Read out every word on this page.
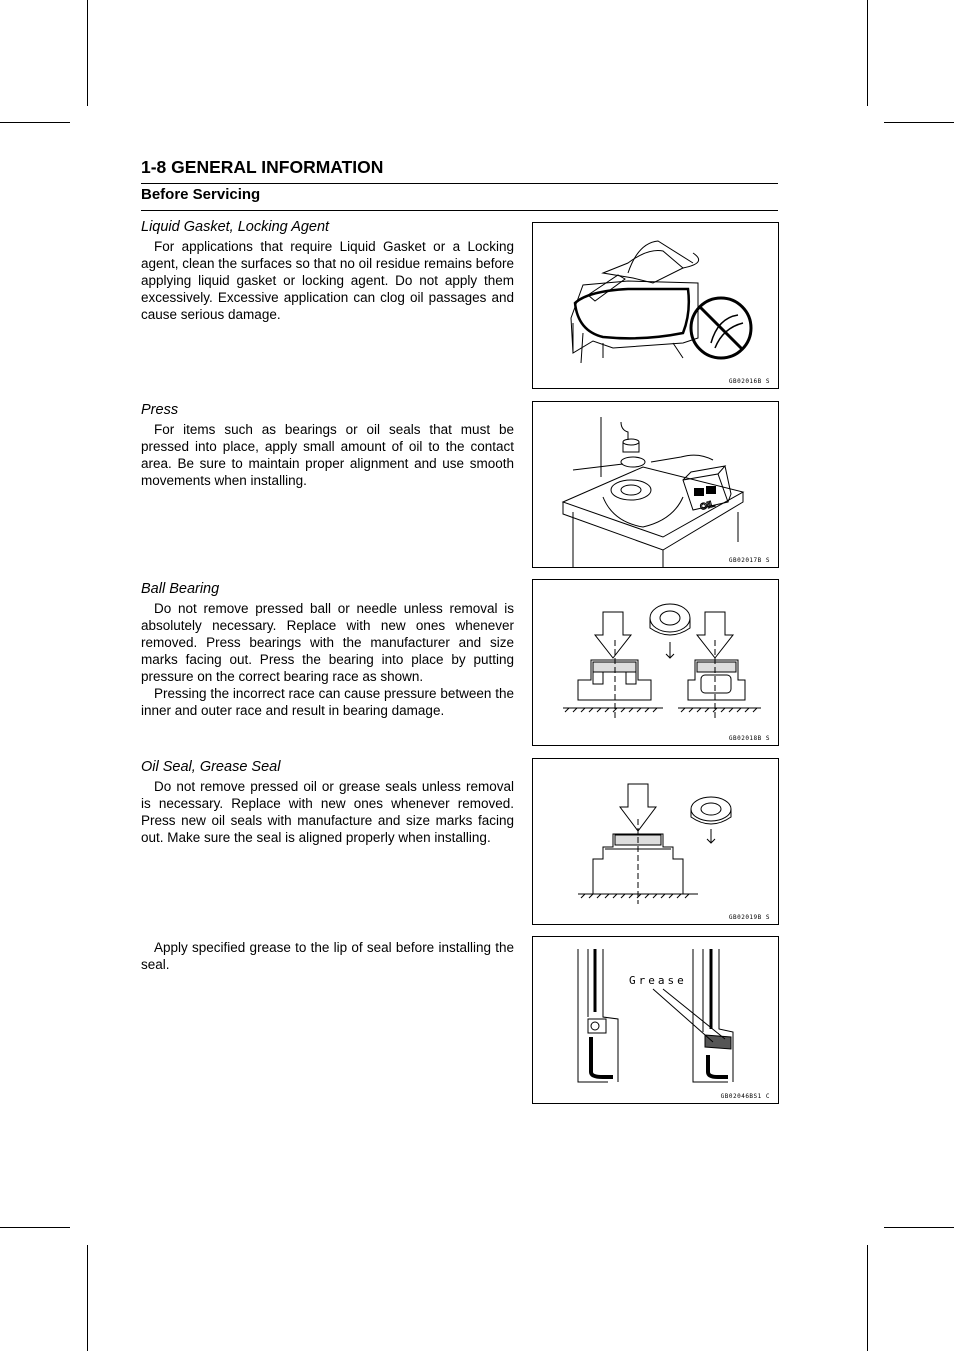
1-8 GENERAL INFORMATION
Before Servicing
Liquid Gasket, Locking Agent

For applications that require Liquid Gasket or a Locking agent, clean the surfaces so that no oil residue remains before applying liquid gasket or locking agent. Do not apply them excessively. Excessive application can clog oil passages and cause serious damage.

Press

For items such as bearings or oil seals that must be pressed into place, apply small amount of oil to the contact area. Be sure to maintain proper alignment and use smooth movements when installing.

Ball Bearing

Do not remove pressed ball or needle unless removal is absolutely necessary. Replace with new ones whenever removed. Press bearings with the manufacturer and size marks facing out. Press the bearing into place by putting pressure on the correct bearing race as shown.

Pressing the incorrect race can cause pressure between the inner and outer race and result in bearing damage.

Oil Seal, Grease Seal

Do not remove pressed oil or grease seals unless removal is necessary. Replace with new ones whenever removed. Press new oil seals with manufacture and size marks facing out. Make sure the seal is aligned properly when installing.

Apply specified grease to the lip of seal before installing the seal.

GB02016B S
OIL
GB02017B S
GB02018B S
GB02019B S
Grease
GB02046BS1 C
